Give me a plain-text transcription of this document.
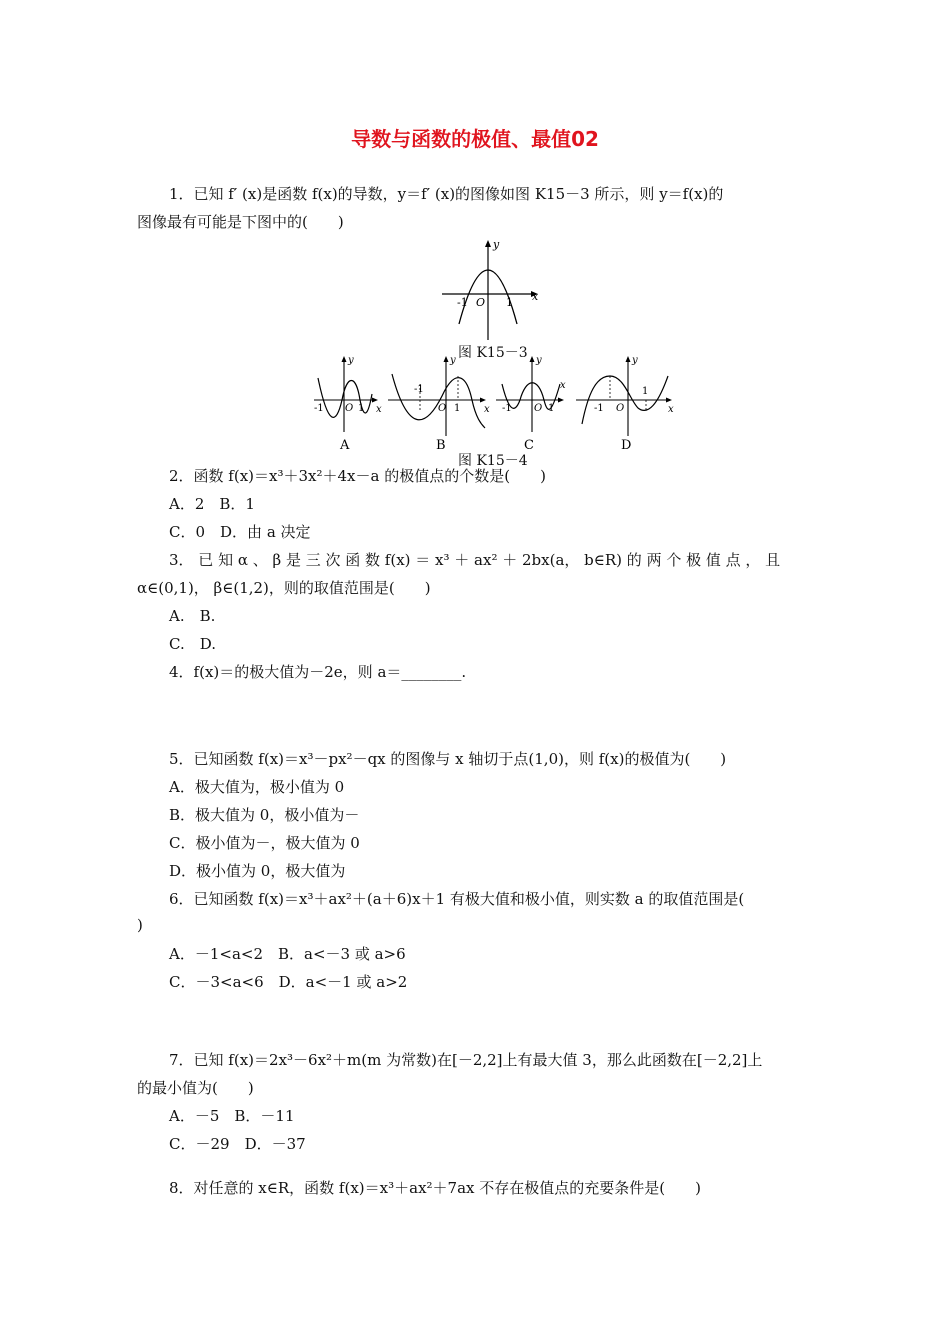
导数与函数的极值、最值02
1．已知 f′ (x)是函数 f(x)的导数，y＝f′ (x)的图像如图 K15－3 所示，则 y＝f(x)的
图像最有可能是下图中的(　　)
y
x
-1 O 1
图 K15－3
y
x
-1 O 1
A
y
x
-1
O 1
B
y
x
-1 O 1
C
y
x
-1 O
1
D
图 K15－4
2．函数 f(x)＝x³＋3x²＋4x－a 的极值点的个数是(　　)
A．2　B．1
C．0　D．由 a 决定
3． 已 知 α 、 β 是 三 次 函 数 f(x) ＝ x³ ＋ ax² ＋ 2bx(a， b∈R) 的 两 个 极 值 点 ， 且
α∈(0,1)， β∈(1,2)，则的取值范围是(　　)
A.　B.
C.　D.
4．f(x)＝的极大值为－2e，则 a＝________.
5．已知函数 f(x)＝x³－px²－qx 的图像与 x 轴切于点(1,0)，则 f(x)的极值为(　　)
A．极大值为，极小值为 0
B．极大值为 0，极小值为－
C．极小值为－，极大值为 0
D．极小值为 0，极大值为
6．已知函数 f(x)＝x³＋ax²＋(a＋6)x＋1 有极大值和极小值，则实数 a 的取值范围是(
)
A．－1<a<2　B．a<－3 或 a>6
C．－3<a<6　D．a<－1 或 a>2
7．已知 f(x)＝2x³－6x²＋m(m 为常数)在[－2,2]上有最大值 3，那么此函数在[－2,2]上
的最小值为(　　)
A．－5　B．－11
C．－29　D．－37
8．对任意的 x∈R，函数 f(x)＝x³＋ax²＋7ax 不存在极值点的充要条件是(　　)
